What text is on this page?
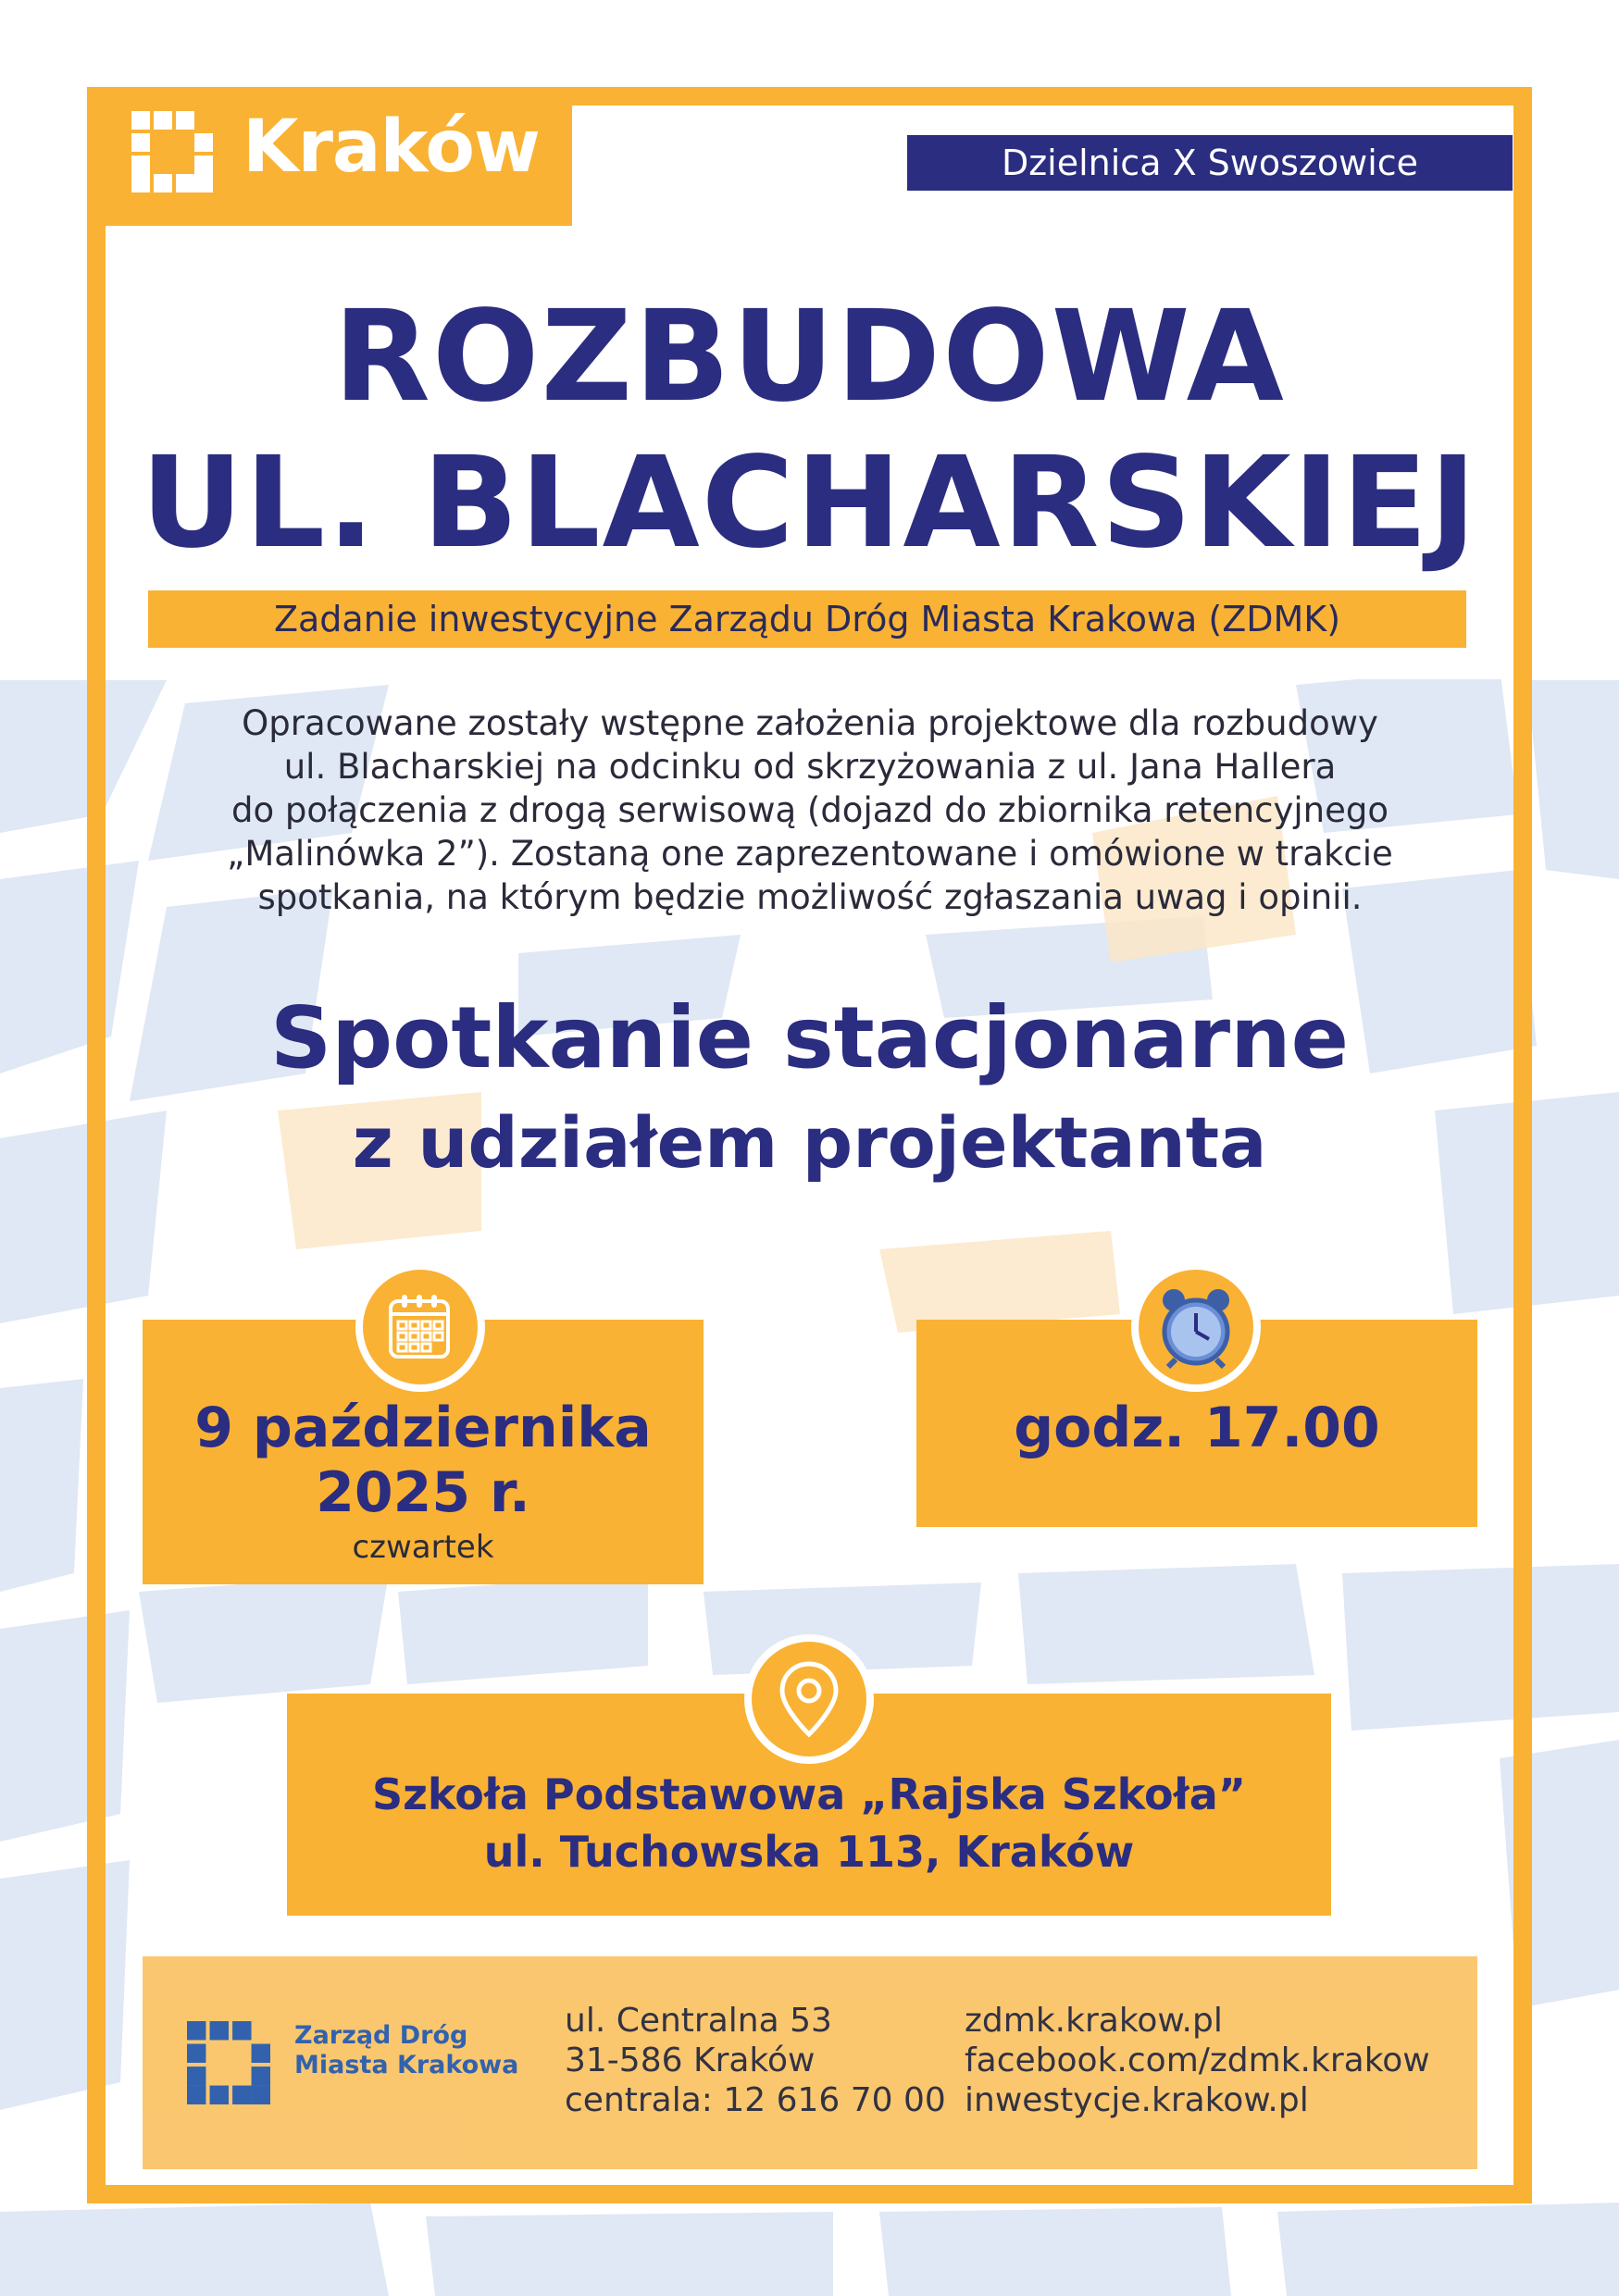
Kraków	Dzielnica X Swoszowice
ROZBUDOWA
UL. BLACHARSKIEJ
Zadanie inwestycyjne Zarządu Dróg Miasta Krakowa (ZDMK)
Opracowane zostały wstępne założenia projektowe dla rozbudowy
ul. Blacharskiej na odcinku od skrzyżowania z ul. Jana Hallera
do połączenia z drogą serwisową (dojazd do zbiornika retencyjnego
„Malinówka 2”). Zostaną one zaprezentowane i omówione w trakcie
spotkania, na którym będzie możliwość zgłaszania uwag i opinii.
Spotkanie stacjonarne
z udziałem projektanta
9 października
2025 r.
czwartek
godz. 17.00
Szkoła Podstawowa „Rajska Szkoła”
ul. Tuchowska 113, Kraków
Zarząd Dróg
Miasta Krakowa
ul. Centralna 53
31-586 Kraków
centrala: 12 616 70 00
zdmk.krakow.pl
facebook.com/zdmk.krakow
inwestycje.krakow.pl
